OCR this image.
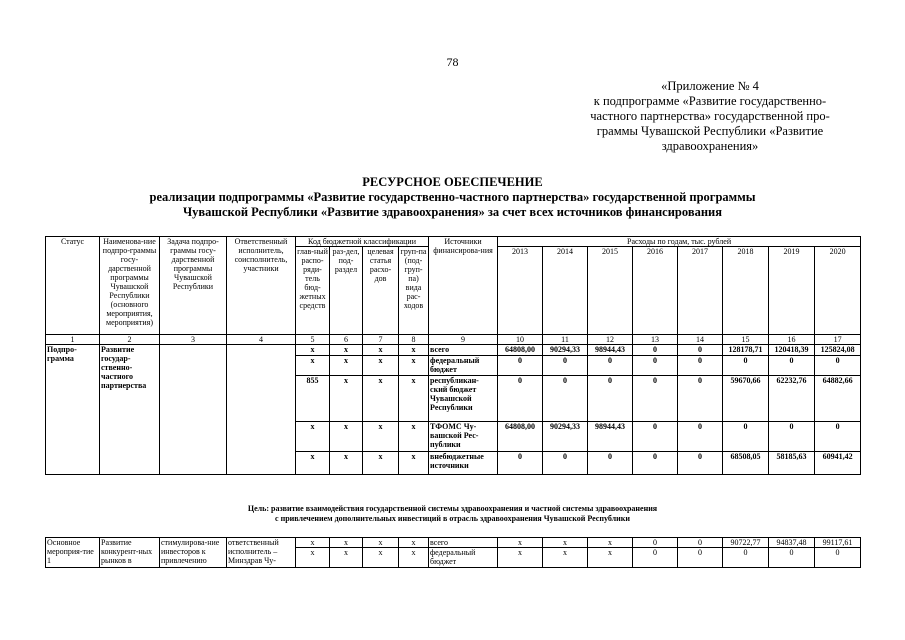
78
«Приложение № 4
к подпрограмме «Развитие государственно-
частного партнерства» государственной про-
граммы Чувашской Республики «Развитие
здравоохранения»
РЕСУРСНОЕ ОБЕСПЕЧЕНИЕ
реализации подпрограммы «Развитие государственно-частного партнерства» государственной программы
Чувашской Республики «Развитие здравоохранения» за счет всех источников финансирования
Статус	Наименова-ние подпро-граммы госу-дарственной программы Чувашской Республики (основного мероприятия, мероприятия)	Задача подпро-граммы госу-дарственной программы Чувашской Республики	Ответственный исполнитель, соисполнитель, участники	Код бюджетной классификации				Источники финансирова-ния	Расходы по годам, тыс. рублей							
				глав-ный распо-ряди-тель бюд-жетных средств	раз-дел, под-раздел	целевая статья расхо-дов	груп-па (под-груп-па) вида рас-ходов		2013	2014	2015	2016	2017	2018	2019	2020
1	2	3	4	5	6	7	8	9	10	11	12	13	14	15	16	17
Подпро-грамма	Развитие государ-ственно-частного партнерства			x	x	x	x	всего	64808,00	90294,33	98944,43	0	0	128178,71	120418,39	125824,08
				x	x	x	x	федеральный бюджет	0	0	0	0	0	0	0	0
				855	x	x	x	республикан-ский бюджет Чувашской Республики	0	0	0	0	0	59670,66	62232,76	64882,66
				x	x	x	x	ТФОМС Чу-вашской Рес-публики	64808,00	90294,33	98944,43	0	0	0	0	0
				x	x	x	x	внебюджетные источники	0	0	0	0	0	68508,05	58185,63	60941,42
Цель: развитие взаимодействия государственной системы здравоохранения и частной системы здравоохранения
с привлечением дополнительных инвестиций в отрасль здравоохранения Чувашской Республики
Основное мероприя-тие 1	Развитие конкурент-ных рынков в	стимулирова-ние инвесторов к привлечению	ответственный исполнитель – Минздрав Чу-	x	x	x	x	всего	x	x	x	0	0	90722,77	94837,48	99117,61
				x	x	x	x	федеральный бюджет	x	x	x	0	0	0	0	0
